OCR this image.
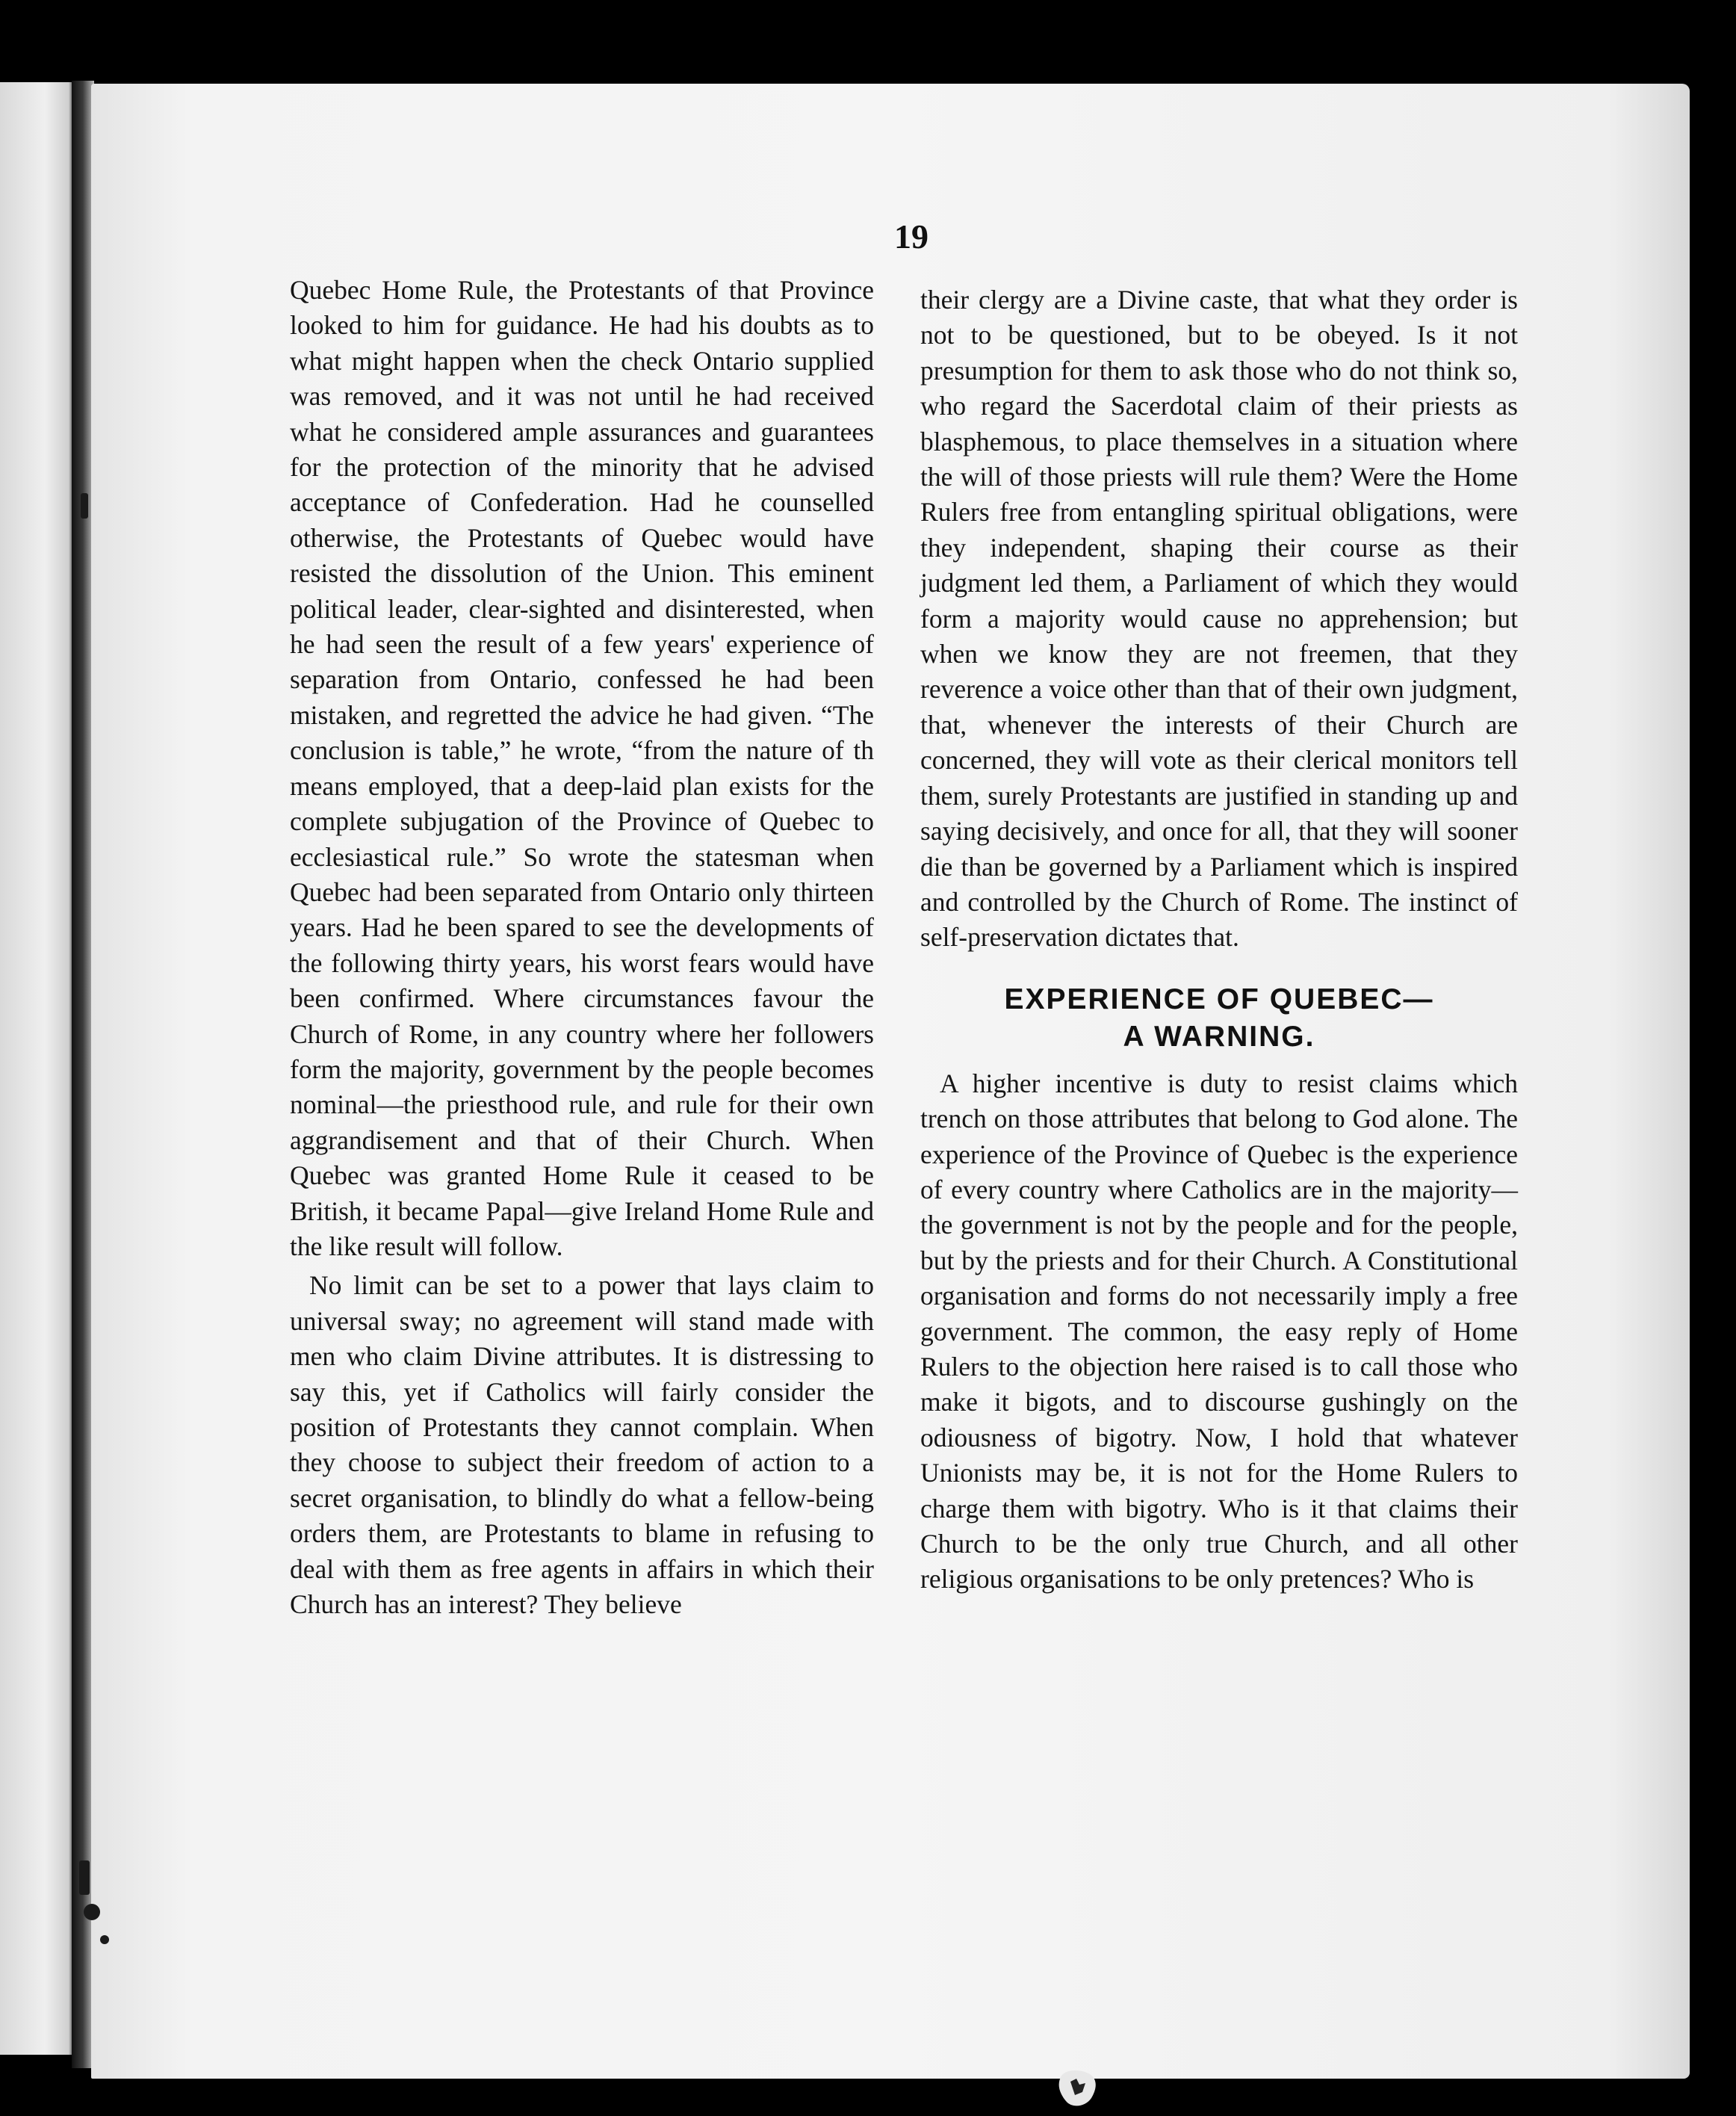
19

Quebec Home Rule, the Protestants of that Province looked to him for guidance. He had his doubts as to what might happen when the check Ontario supplied was removed, and it was not until he had received what he considered ample assurances and guarantees for the protection of the minority that he advised acceptance of Confederation. Had he counselled otherwise, the Protestants of Quebec would have resisted the dissolution of the Union. This eminent political leader, clear-sighted and disinterested, when he had seen the result of a few years' experience of separation from Ontario, confessed he had been mistaken, and regretted the advice he had given. “The conclusion is table,” he wrote, “from the nature of th means employed, that a deep-laid plan exists for the complete subjugation of the Province of Quebec to ecclesiastical rule.” So wrote the statesman when Quebec had been separated from Ontario only thirteen years. Had he been spared to see the developments of the following thirty years, his worst fears would have been confirmed. Where circumstances favour the Church of Rome, in any country where her followers form the majority, government by the people becomes nominal—the priesthood rule, and rule for their own aggrandisement and that of their Church. When Quebec was granted Home Rule it ceased to be British, it became Papal—give Ireland Home Rule and the like result will follow.

No limit can be set to a power that lays claim to universal sway; no agreement will stand made with men who claim Divine attributes. It is distressing to say this, yet if Catholics will fairly consider the position of Protestants they cannot complain. When they choose to subject their freedom of action to a secret organisation, to blindly do what a fellow-being orders them, are Protestants to blame in refusing to deal with them as free agents in affairs in which their Church has an interest? They believe

their clergy are a Divine caste, that what they order is not to be questioned, but to be obeyed. Is it not presumption for them to ask those who do not think so, who regard the Sacerdotal claim of their priests as blasphemous, to place themselves in a situation where the will of those priests will rule them? Were the Home Rulers free from entangling spiritual obligations, were they independent, shaping their course as their judgment led them, a Parliament of which they would form a majority would cause no apprehension; but when we know they are not freemen, that they reverence a voice other than that of their own judgment, that, whenever the interests of their Church are concerned, they will vote as their clerical monitors tell them, surely Protestants are justified in standing up and saying decisively, and once for all, that they will sooner die than be governed by a Parliament which is inspired and controlled by the Church of Rome. The instinct of self-preservation dictates that.

EXPERIENCE OF QUEBEC—
A WARNING.

A higher incentive is duty to resist claims which trench on those attributes that belong to God alone. The experience of the Province of Quebec is the experience of every country where Catholics are in the majority—the government is not by the people and for the people, but by the priests and for their Church. A Constitutional organisation and forms do not necessarily imply a free government. The common, the easy reply of Home Rulers to the objection here raised is to call those who make it bigots, and to discourse gushingly on the odiousness of bigotry. Now, I hold that whatever Unionists may be, it is not for the Home Rulers to charge them with bigotry. Who is it that claims their Church to be the only true Church, and all other religious organisations to be only pretences? Who is
